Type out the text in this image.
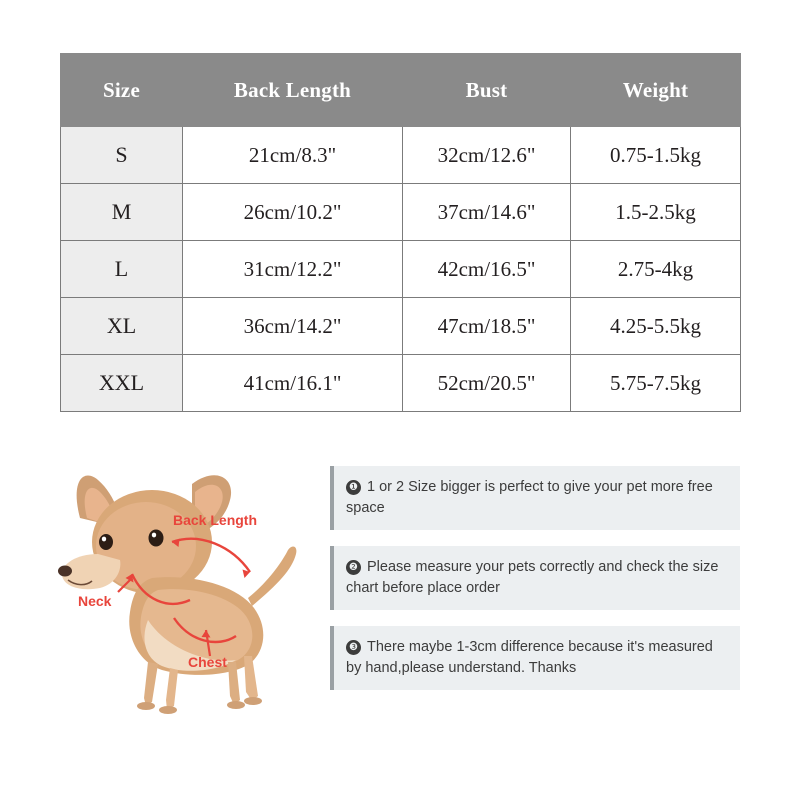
Size	Back Length	Bust	Weight
S	21cm/8.3"	32cm/12.6"	0.75-1.5kg
M	26cm/10.2"	37cm/14.6"	1.5-2.5kg
L	31cm/12.2"	42cm/16.5"	2.75-4kg
XL	36cm/14.2"	47cm/18.5"	4.25-5.5kg
XXL	41cm/16.1"	52cm/20.5"	5.75-7.5kg
Back Length
Neck
Chest
❶ 1 or 2 Size bigger is perfect to give your pet more free space
❷ Please measure your pets correctly and check the size chart before place order
❸ There maybe 1-3cm difference because it's measured by hand,please understand. Thanks
